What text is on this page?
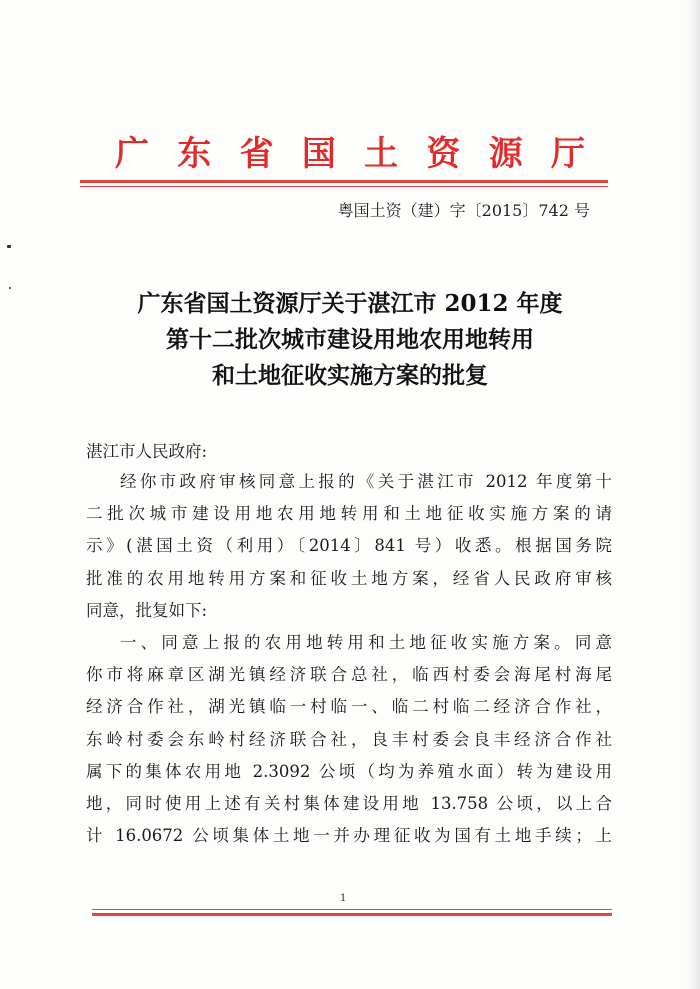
广 东 省 国 土 资 源 厅
粤国土资（建）字〔2015〕742 号
广东省国土资源厅关于湛江市 2012 年度
第十二批次城市建设用地农用地转用
和土地征收实施方案的批复
湛江市人民政府:
经你市政府审核同意上报的《关于湛江市 2012 年度第十
二批次城市建设用地农用地转用和土地征收实施方案的请
示》(湛国土资（利用）〔2014〕841 号）收悉。根据国务院
批准的农用地转用方案和征收土地方案，经省人民政府审核
同意，批复如下:
一、同意上报的农用地转用和土地征收实施方案。同意
你市将麻章区湖光镇经济联合总社，临西村委会海尾村海尾
经济合作社，湖光镇临一村临一、临二村临二经济合作社，
东岭村委会东岭村经济联合社，良丰村委会良丰经济合作社
属下的集体农用地 2.3092 公顷（均为养殖水面）转为建设用
地，同时使用上述有关村集体建设用地 13.758 公顷，以上合
计 16.0672 公顷集体土地一并办理征收为国有土地手续；上
1
